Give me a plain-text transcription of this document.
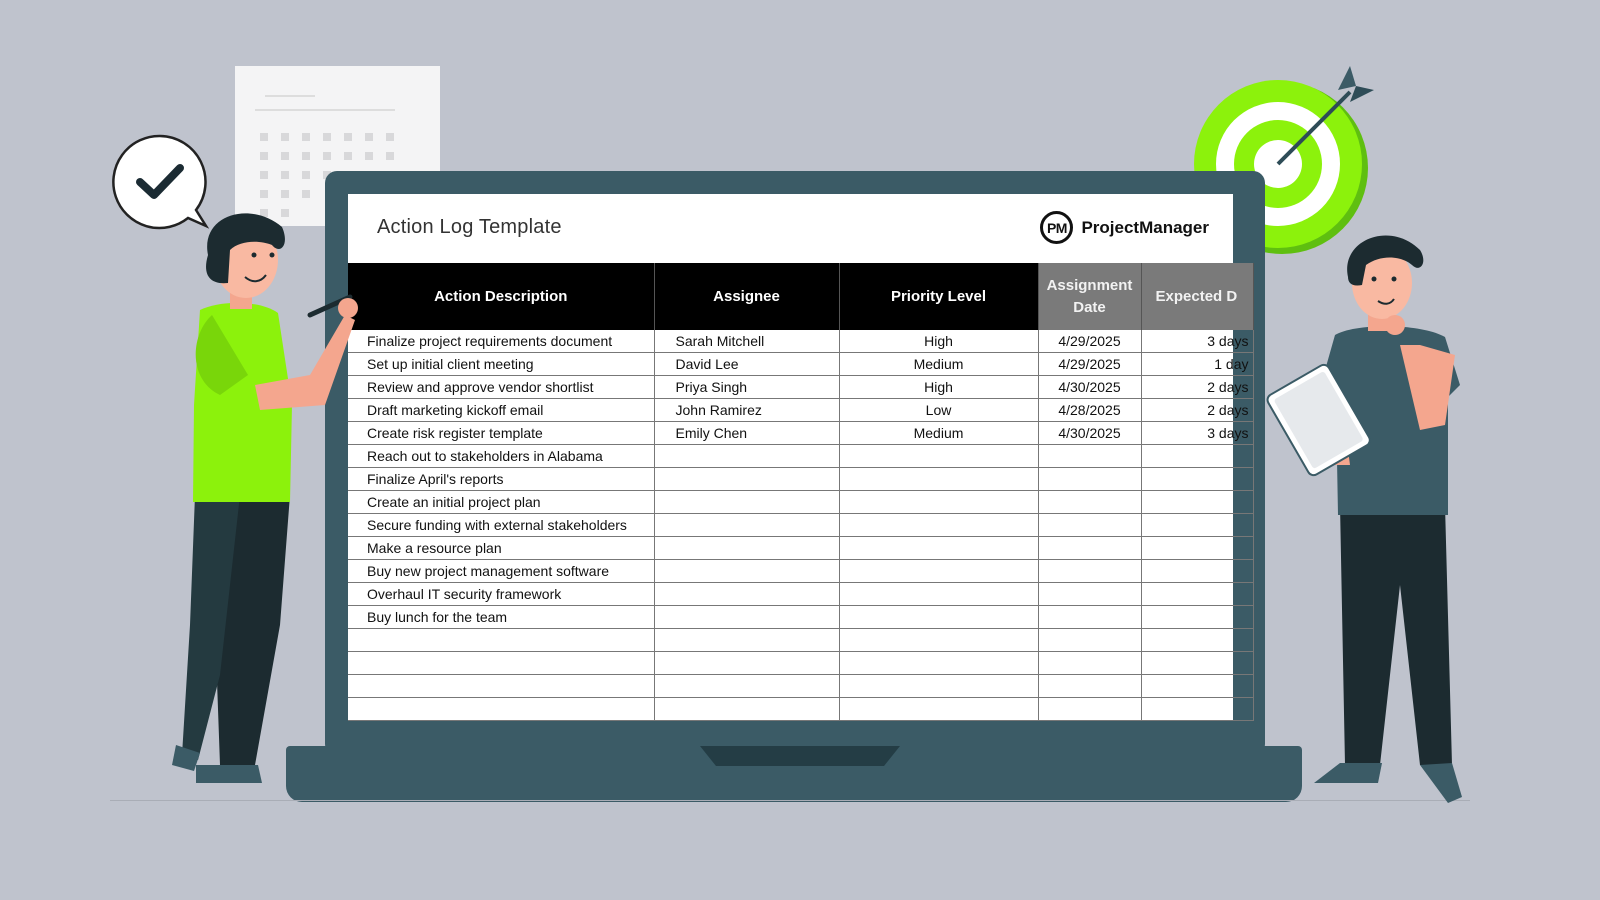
Action Log Template	PM ProjectManager
Action Description	Assignee	Priority Level	Assignment Date	Expected D
Finalize project requirements document	Sarah Mitchell	High	4/29/2025	3 days
Set up initial client meeting	David Lee	Medium	4/29/2025	1 day
Review and approve vendor shortlist	Priya Singh	High	4/30/2025	2 days
Draft marketing kickoff email	John Ramirez	Low	4/28/2025	2 days
Create risk register template	Emily Chen	Medium	4/30/2025	3 days
Reach out to stakeholders in Alabama				
Finalize April's reports				
Create an initial project plan				
Secure funding with external stakeholders				
Make a resource plan				
Buy new project management software				
Overhaul IT security framework				
Buy lunch for the team				
